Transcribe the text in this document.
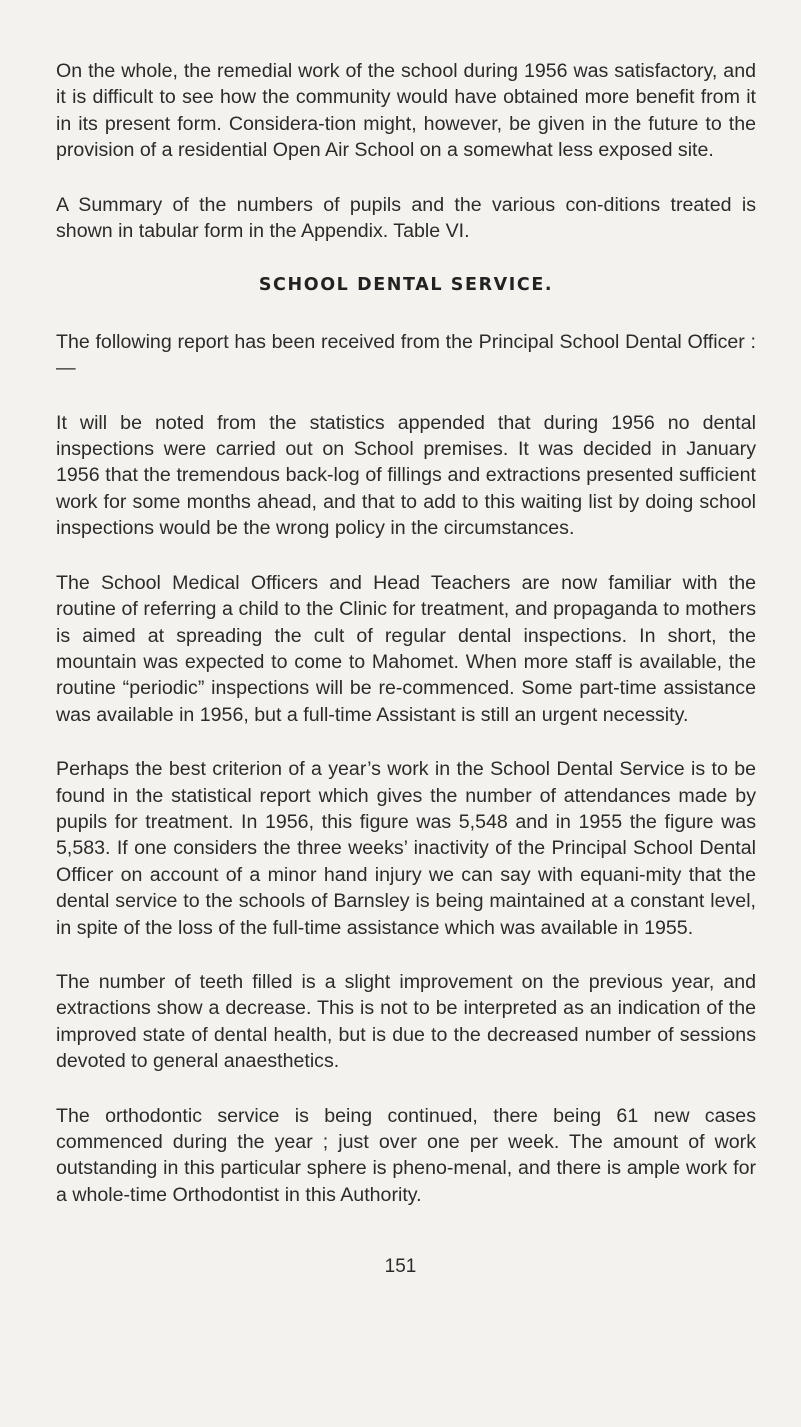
On the whole, the remedial work of the school during 1956 was satisfactory, and it is difficult to see how the community would have obtained more benefit from it in its present form. Considera-tion might, however, be given in the future to the provision of a residential Open Air School on a somewhat less exposed site.

A Summary of the numbers of pupils and the various con-ditions treated is shown in tabular form in the Appendix. Table VI.

SCHOOL DENTAL SERVICE.

The following report has been received from the Principal School Dental Officer :—

It will be noted from the statistics appended that during 1956 no dental inspections were carried out on School premises. It was decided in January 1956 that the tremendous back-log of fillings and extractions presented sufficient work for some months ahead, and that to add to this waiting list by doing school inspections would be the wrong policy in the circumstances.

The School Medical Officers and Head Teachers are now familiar with the routine of referring a child to the Clinic for treatment, and propaganda to mothers is aimed at spreading the cult of regular dental inspections. In short, the mountain was expected to come to Mahomet. When more staff is available, the routine “periodic” inspections will be re-commenced. Some part-time assistance was available in 1956, but a full-time Assistant is still an urgent necessity.

Perhaps the best criterion of a year’s work in the School Dental Service is to be found in the statistical report which gives the number of attendances made by pupils for treatment. In 1956, this figure was 5,548 and in 1955 the figure was 5,583. If one considers the three weeks’ inactivity of the Principal School Dental Officer on account of a minor hand injury we can say with equani-mity that the dental service to the schools of Barnsley is being maintained at a constant level, in spite of the loss of the full-time assistance which was available in 1955.

The number of teeth filled is a slight improvement on the previous year, and extractions show a decrease. This is not to be interpreted as an indication of the improved state of dental health, but is due to the decreased number of sessions devoted to general anaesthetics.

The orthodontic service is being continued, there being 61 new cases commenced during the year ; just over one per week. The amount of work outstanding in this particular sphere is pheno-menal, and there is ample work for a whole-time Orthodontist in this Authority.

151
